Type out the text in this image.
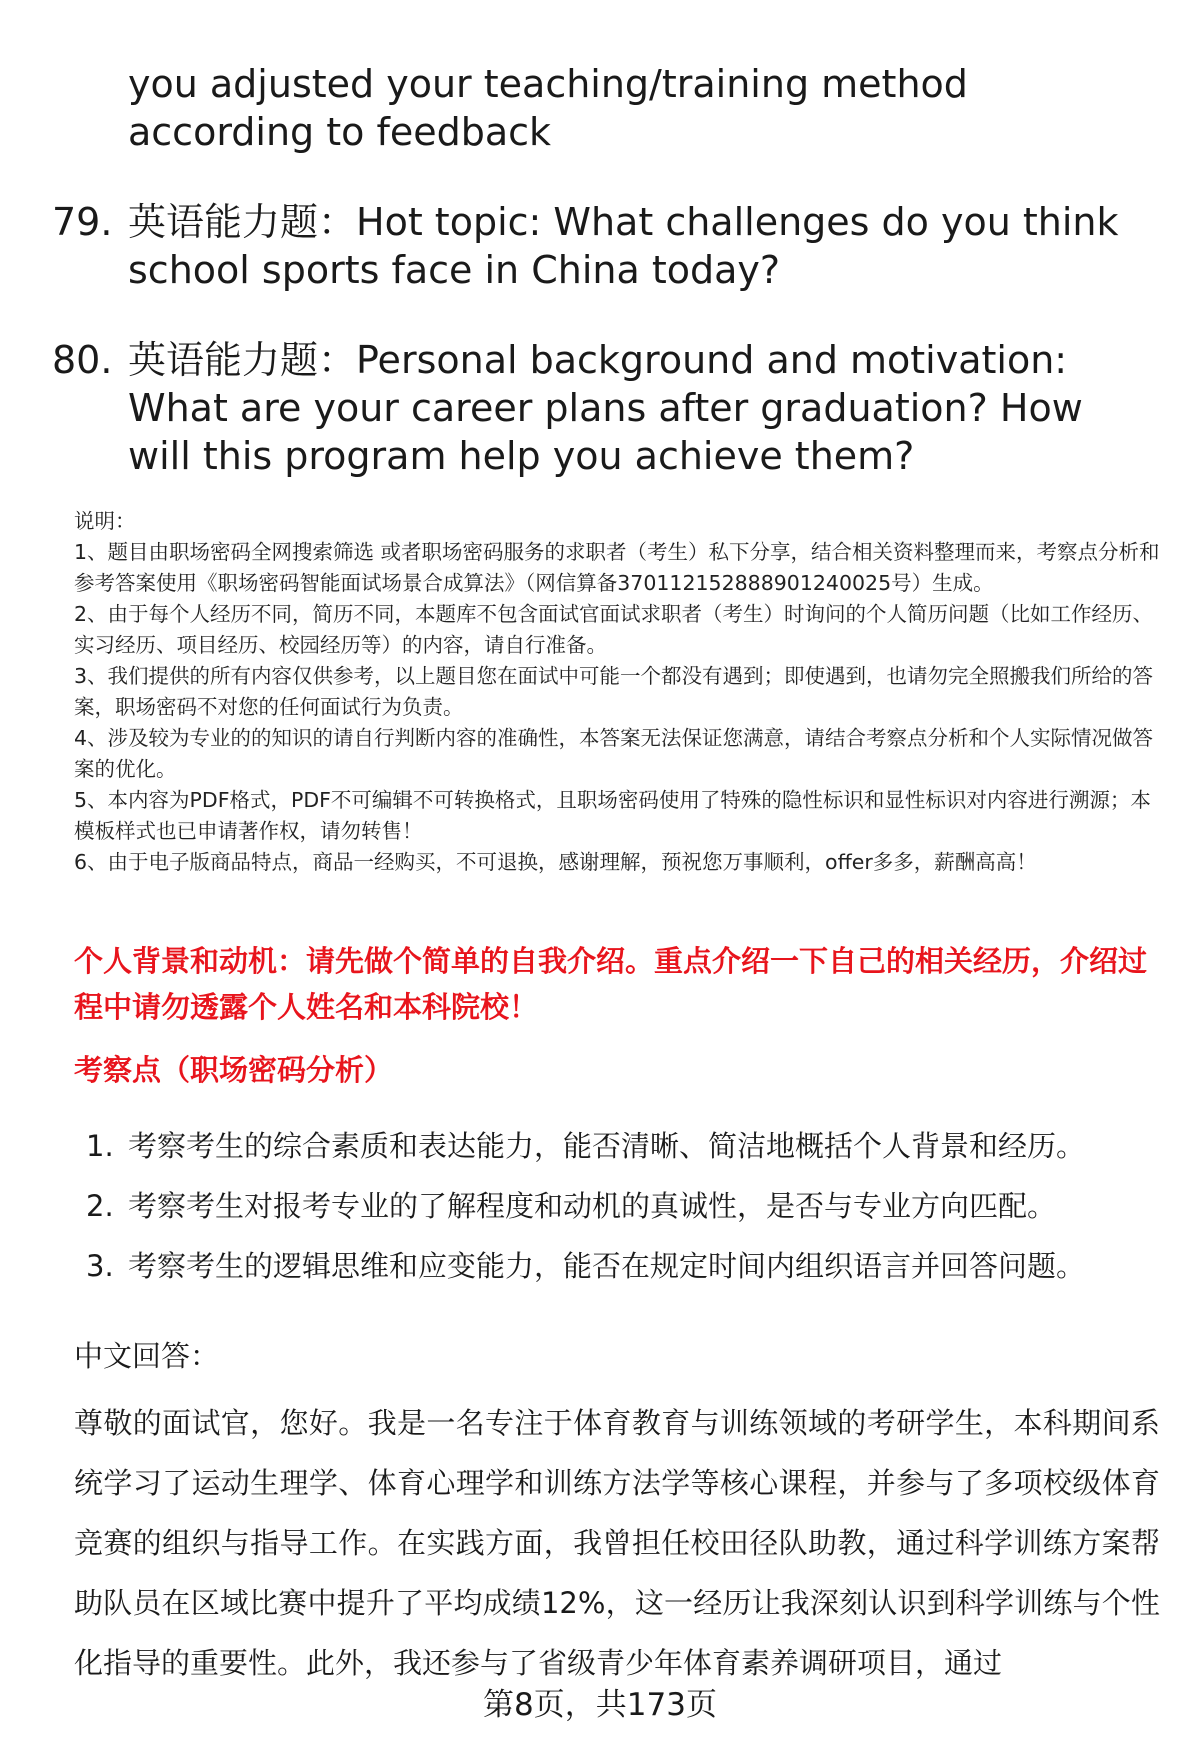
you adjusted your teaching/training method according to feedback
79. 英语能力题：Hot topic: What challenges do you think school sports face in China today?
80. 英语能力题：Personal background and motivation: What are your career plans after graduation? How will this program help you achieve them?

说明：

1、题目由职场密码全网搜索筛选 或者职场密码服务的求职者（考生）私下分享，结合相关资料整理而来，考察点分析和参考答案使用《职场密码智能面试场景合成算法》（网信算备370112152888901240025号）生成。

2、由于每个人经历不同，简历不同，本题库不包含面试官面试求职者（考生）时询问的个人简历问题（比如工作经历、实习经历、项目经历、校园经历等）的内容，请自行准备。

3、我们提供的所有内容仅供参考，以上题目您在面试中可能一个都没有遇到；即使遇到，也请勿完全照搬我们所给的答案，职场密码不对您的任何面试行为负责。

4、涉及较为专业的的知识的请自行判断内容的准确性，本答案无法保证您满意，请结合考察点分析和个人实际情况做答案的优化。

5、本内容为PDF格式，PDF不可编辑不可转换格式，且职场密码使用了特殊的隐性标识和显性标识对内容进行溯源；本模板样式也已申请著作权，请勿转售！

6、由于电子版商品特点，商品一经购买，不可退换，感谢理解，预祝您万事顺利，offer多多，薪酬高高！

个人背景和动机：请先做个简单的自我介绍。重点介绍一下自己的相关经历，介绍过程中请勿透露个人姓名和本科院校！
考察点（职场密码分析）
1. 考察考生的综合素质和表达能力，能否清晰、简洁地概括个人背景和经历。
2. 考察考生对报考专业的了解程度和动机的真诚性，是否与专业方向匹配。
3. 考察考生的逻辑思维和应变能力，能否在规定时间内组织语言并回答问题。
中文回答：
尊敬的面试官，您好。我是一名专注于体育教育与训练领域的考研学生，本科期间系统学习了运动生理学、体育心理学和训练方法学等核心课程，并参与了多项校级体育竞赛的组织与指导工作。在实践方面，我曾担任校田径队助教，通过科学训练方案帮助队员在区域比赛中提升了平均成绩12%，这一经历让我深刻认识到科学训练与个性化指导的重要性。此外，我还参与了省级青少年体育素养调研项目，通过
第8页，共173页
